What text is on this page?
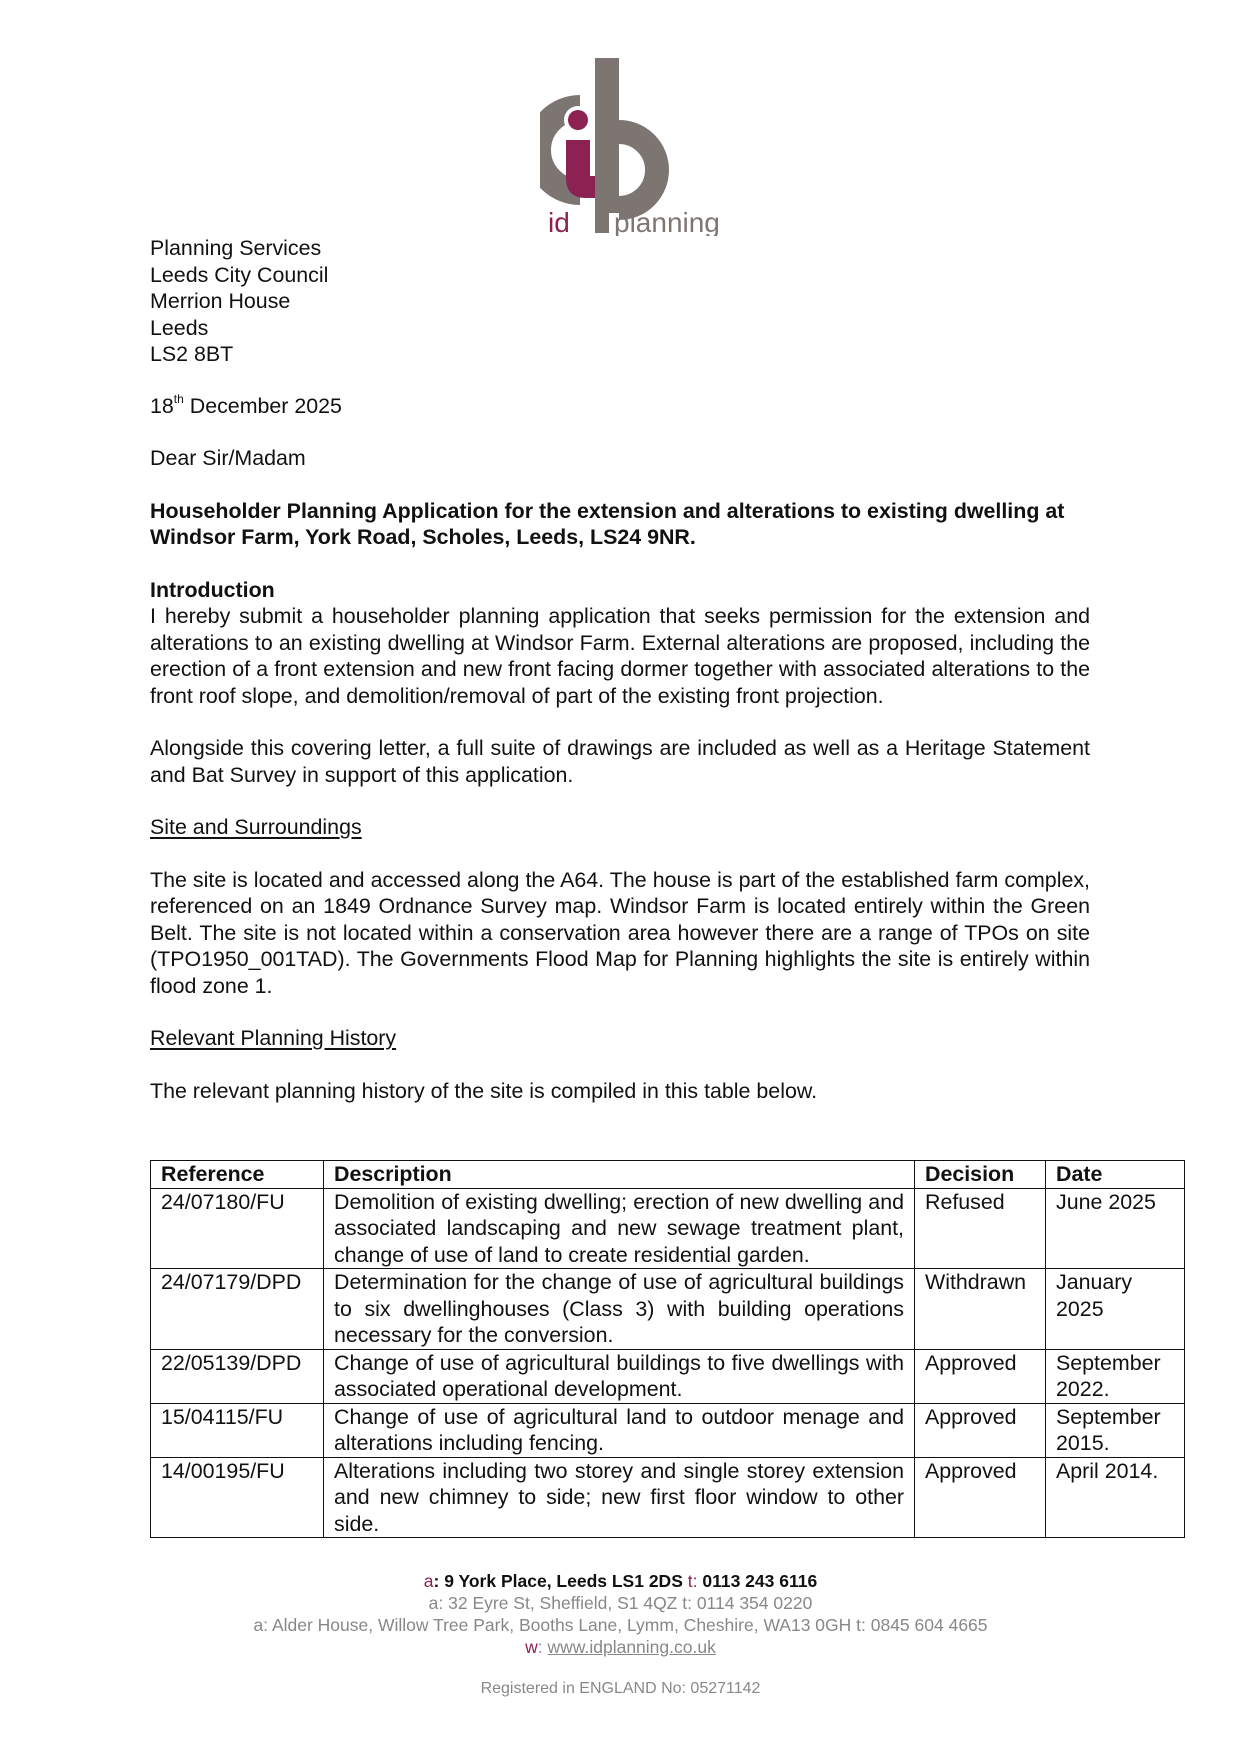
id planning
Planning Services
Leeds City Council
Merrion House
Leeds
LS2 8BT
18th December 2025
Dear Sir/Madam
Householder Planning Application for the extension and alterations to existing dwelling at Windsor Farm, York Road, Scholes, Leeds, LS24 9NR.
Introduction

I hereby submit a householder planning application that seeks permission for the extension and alterations to an existing dwelling at Windsor Farm. External alterations are proposed, including the erection of a front extension and new front facing dormer together with associated alterations to the front roof slope, and demolition/removal of part of the existing front projection.

Alongside this covering letter, a full suite of drawings are included as well as a Heritage Statement and Bat Survey in support of this application.

Site and Surroundings

The site is located and accessed along the A64. The house is part of the established farm complex, referenced on an 1849 Ordnance Survey map. Windsor Farm is located entirely within the Green Belt. The site is not located within a conservation area however there are a range of TPOs on site (TPO1950_001TAD). The Governments Flood Map for Planning highlights the site is entirely within flood zone 1.

Relevant Planning History

The relevant planning history of the site is compiled in this table below.

Reference	Description	Decision	Date
24/07180/FU	Demolition of existing dwelling; erection of new dwelling and associated landscaping and new sewage treatment plant, change of use of land to create residential garden.	Refused	June 2025
24/07179/DPD	Determination for the change of use of agricultural buildings to six dwellinghouses (Class 3) with building operations necessary for the conversion.	Withdrawn	January 2025
22/05139/DPD	Change of use of agricultural buildings to five dwellings with associated operational development.	Approved	September 2022.
15/04115/FU	Change of use of agricultural land to outdoor menage and alterations including fencing.	Approved	September 2015.
14/00195/FU	Alterations including two storey and single storey extension and new chimney to side; new first floor window to other side.	Approved	April 2014.
a: 9 York Place, Leeds LS1 2DS t: 0113 243 6116
a: 32 Eyre St, Sheffield, S1 4QZ t: 0114 354 0220
a: Alder House, Willow Tree Park, Booths Lane, Lymm, Cheshire, WA13 0GH t: 0845 604 4665
w: www.idplanning.co.uk
Registered in ENGLAND No: 05271142
